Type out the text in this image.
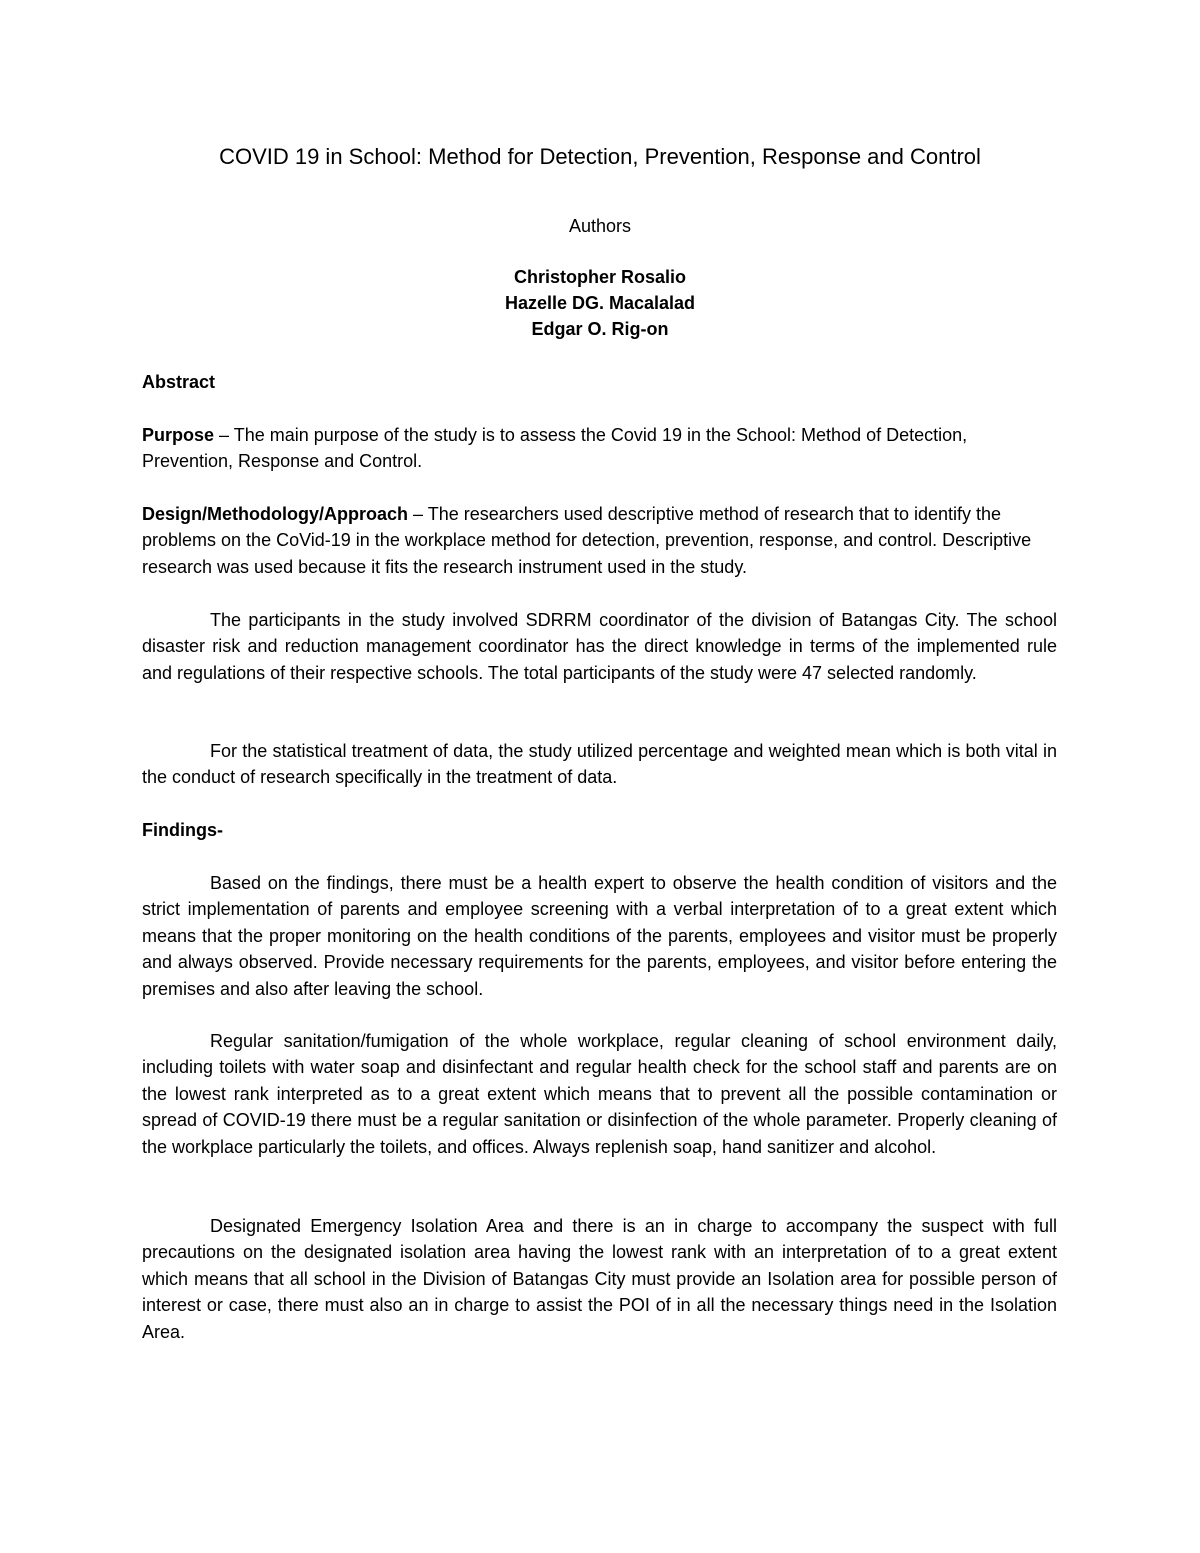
COVID 19 in School: Method for Detection, Prevention, Response and Control
Authors
Christopher Rosalio
Hazelle DG. Macalalad
Edgar O. Rig-on
Abstract

Purpose – The main purpose of the study is to assess the Covid 19 in the School: Method of Detection, Prevention, Response and Control.

Design/Methodology/Approach – The researchers used descriptive method of research that to identify the problems on the CoVid-19 in the workplace method for detection, prevention, response, and control. Descriptive research was used because it fits the research instrument used in the study.

The participants in the study involved SDRRM coordinator of the division of Batangas City. The school disaster risk and reduction management coordinator has the direct knowledge in terms of the implemented rule and regulations of their respective schools. The total participants of the study were 47 selected randomly.

For the statistical treatment of data, the study utilized percentage and weighted mean which is both vital in the conduct of research specifically in the treatment of data.

Findings-

Based on the findings, there must be a health expert to observe the health condition of visitors and the strict implementation of parents and employee screening with a verbal interpretation of to a great extent which means that the proper monitoring on the health conditions of the parents, employees and visitor must be properly and always observed. Provide necessary requirements for the parents, employees, and visitor before entering the premises and also after leaving the school.

Regular sanitation/fumigation of the whole workplace, regular cleaning of school environment daily, including toilets with water soap and disinfectant and regular health check for the school staff and parents are on the lowest rank interpreted as to a great extent which means that to prevent all the possible contamination or spread of COVID-19 there must be a regular sanitation or disinfection of the whole parameter. Properly cleaning of the workplace particularly the toilets, and offices. Always replenish soap, hand sanitizer and alcohol.

Designated Emergency Isolation Area and there is an in charge to accompany the suspect with full precautions on the designated isolation area having the lowest rank with an interpretation of to a great extent which means that all school in the Division of Batangas City must provide an Isolation area for possible person of interest or case, there must also an in charge to assist the POI of in all the necessary things need in the Isolation Area.
